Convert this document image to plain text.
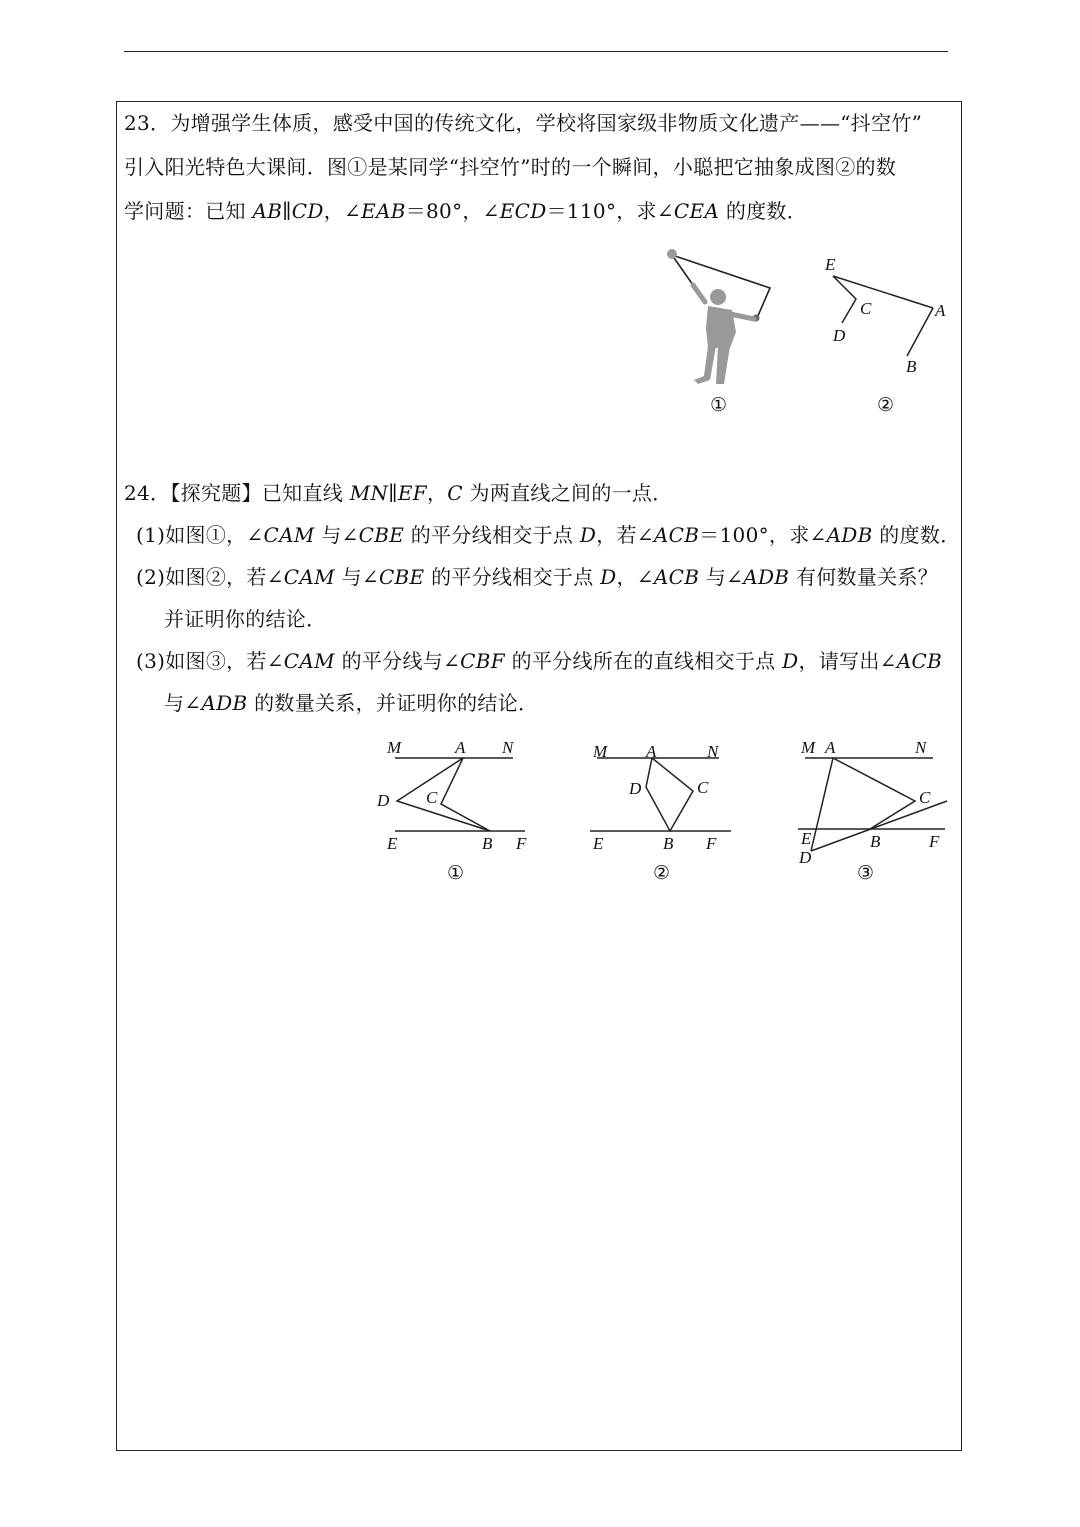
23．为增强学生体质，感受中国的传统文化，学校将国家级非物质文化遗产——“抖空竹”
引入阳光特色大课间．图①是某同学“抖空竹”时的一个瞬间，小聪把它抽象成图②的数
学问题：已知 AB∥CD，∠EAB＝80°，∠ECD＝110°，求∠CEA 的度数．
①
E
C
D
A
B
②
24．【探究题】已知直线 MN∥EF，C 为两直线之间的一点．
(1)如图①，∠CAM 与∠CBE 的平分线相交于点 D，若∠ACB＝100°，求∠ADB 的度数．
(2)如图②，若∠CAM 与∠CBE 的平分线相交于点 D，∠ACB 与∠ADB 有何数量关系？
并证明你的结论．
(3)如图③，若∠CAM 的平分线与∠CBF 的平分线所在的直线相交于点 D，请写出∠ACB
与∠ADB 的数量关系，并证明你的结论．
M	A N
D C
E	B F
①
M A	N
D	C
E	B F
②
M A	N
C
E	B	F
D
③
